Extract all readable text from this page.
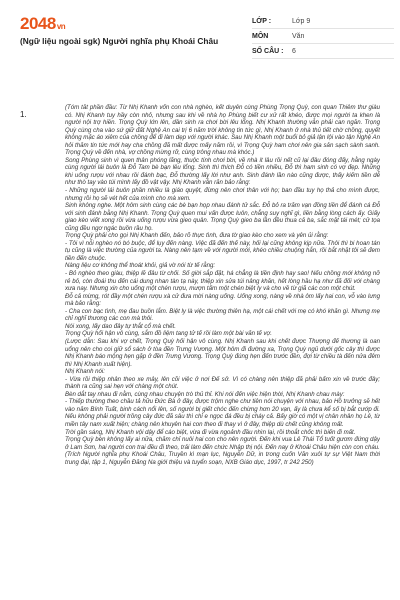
2048vn
(Ngữ liệu ngoài sgk) Người nghĩa phụ Khoái Châu
LỚP :	Lớp 9
MÔN	Văn
SỐ CÂU :	6
1.

(Tóm tắt phần đầu: Từ Nhị Khanh vốn con nhà nghèo, kết duyên cùng Phùng Trọng Quỳ, con quan Thiêm thư giàu có. Nhị Khanh tuy hầy còn nhỏ, nhưng sau khi về nhà họ Phùng biết cư xử rất khéo, được mọi người ta khen là người nội trợ hiền. Trọng Quỳ lớn lên, dần sinh ra chơi bời lêu lổng. Nhị Khanh thường vẫn phải can ngăn. Trọng Quỳ cùng cha vào sứ giữ đất Nghệ An cai trị 6 năm trời không tin tức gì, Nhị Khanh ở nhà thủ tiết chờ chồng, quyết không mặc áo xiêm của chồng để đi làm dẹp với người khác. Sau Nhị Khanh một buổi bỏ giả lận lội vào tận Nghệ An hỏi thăm tin tức mới hay cha chồng đã mất được mấy năm rồi, vì Trọng Quỳ ham chơi nên gia sản sạch sành sanh. Trọng Quỳ về đến nhà, vợ chồng mừng rỡ, cùng trông nhau mà khóc.)

Song Phùng sinh vì quen thân phóng lãng, thuộc tính chơi bời, về nhà ít lâu rồi nết cũ lại đâu đóng đấy, hằng ngày cùng người lái buôn là Đỗ Tam bè bạn lêu lổng. Sinh thì thích Đỗ có tiền nhiều, Đỗ thì ham sinh có vợ đẹp. Những khi uống rượu với nhau rồi đánh bạc, Đỗ thường lấy lời như anh. Sinh đánh lần nào cũng được, thấy kiếm tiền dễ như thò tay vào túi mình lấy đồ vật vậy. Nhị Khanh vẫn răn bảo rằng:

- Những người lái buôn phần nhiều là giáo quyệt, đừng nên chơi thân với họ; ban đầu tuy họ thả cho mình được, nhưng rồi họ sẽ vét hết của mình cho mà xem.

Sinh không nghe. Một hôm sinh cùng các bè bạn họp nhau đánh tử sắc. Đỗ bỏ ra trăm vạn đồng tiền để đánh cá Đỗ với sinh đánh bằng Nhị Khanh. Trọng Quỳ quen mui vấn được luôn, chẳng suy nghĩ gì, liền bằng lòng cách ấy. Giấy giao kèo viết xong rồi vừa uống rượu vừa gieo quân. Trọng Quỳ gieo ba lần đều thua cả ba, sắc mặt tái mét; cử tọa cũng đều ngơ ngác buồn rầu họ.

Trọng Quỳ phải cho gọi Nhị Khanh đến, bảo rõ thực tình, đưa tờ giao kèo cho xem và yên ủi rằng:

- Tôi vì nỗi nghèo nó bó buộc, để lụy đến nàng. Việc đã đến thế này, hối lại cũng không kịp nữa. Thôi thì bi hoan tán tụ cũng là việc thường của người ta. Nàng nên tạm về với người mới, khéo chiều chuộng hắn, rồi bắt nhặt tôi sẽ đem tiền đến chuộc.

Nàng liệu cơ không thể thoát khỏi, giả vờ nói từ tế rằng:

- Bỏ nghèo theo giàu, thiệp lẽ đâu từ chối. Số giời sắp đặt, há chẳng là tiền định hay sao! Nếu chồng mới không nỡ rẻ bỏ, còn đoái thu đến cái dung nhan tàn tạ này, thiệp xin sửa túi nâng khăn, hết lòng hầu hạ như đã đối với chàng xưa nay. Nhưng xin cho uống một chén rượu, mượn tấm một chén biệt ly và cho về từ giã các con một chút.

Đỗ cả mừng, rót đầy một chén rượu xà cử đưa mời nàng uống. Uống xong, nàng về nhà ôm lấy hai con, vỗ vào lưng mà bảo rằng:

- Cha con bạc tình, mẹ đau buồn lắm. Biệt ly là việc thường thiên hạ, một cái chết với mẹ có khó khăn gì. Nhưng mẹ chỉ nghĩ thương các con mà thôi.

Nói xong, lấy dao đây tự thắt cổ mà chết.

Trọng Quỳ hối hận vô cùng, sắm đồ liệm tang tử tế rồi làm một bài văn tế vợ.

(Lược dẫn: Sau khi vợ chết, Trọng Quỳ hối hận vô cùng. Nhị Khanh sau khi chết được Thượng đế thương là oan uổng nên cho coi giữ sổ sách ở tòa đền Trưng Vương. Một hôm đi đường xa, Trọng Quỳ ngủ dưới gốc cây thì được Nhị Khanh báo mộng hẹn gặp ở đền Trưng Vương. Trọng Quỳ đúng hẹn đến trước đền, đợi từ chiều tà đến nửa đêm thì Nhị Khanh xuất hiện).

Nhị Khanh nói:

- Vừa rồi thiệp nhân theo xe mây, lên cõi việc ở nơi Đế sở. Vì có chàng nên thiệp đã phải bấm xin về trước đây; thành ra cũng sai hẹn với chàng một chút.

Bèn dắt tay nhau đi nằm, cùng nhau chuyện trò thủ thỉ. Khi nói đến việc hiện thời, Nhị Khanh chau mày:

- Thiếp thường theo chầu tả hữu Đức Bà ở đây, được trộm nghe chư tiên nói chuyện với nhau, bảo Hồ trưởng sẽ hết vào năm Bính Tuất, binh cách nổi lên, số người bị giết chóc đến chừng hơn 20 vạn, ấy là chưa kể số bị bắt cướp đi. Nếu không phải người trồng cây đức đã sâu thì chỉ e ngọc đá đều bị cháy cả. Bấy giờ có một vị chân nhân họ Lê, từ miền tây nam xuất hiện; chàng nên khuyên hai con theo đi thay vì ở đây, thiệp dù chết cũng không mất.

Trời gần sáng, Nhị Khanh vội dậy để cáo biệt, vừa đi vừa ngoảnh đầu nhìn lại, rồi thoắt chốc thì biến đi mất.

Trọng Quỳ bèn không lấy ai nữa, chăm chỉ nuôi hai con cho nên người. Đến khi vua Lê Thái Tổ tuốt gươm đứng dậy ở Lam Sơn, hai người con trai đều đi theo, trải làm đến chức Nhập thị nội. Đến nay ở Khoái Châu hiện còn con cháu.

(Trích Người nghĩa phụ Khoái Châu, Truyền kì mạn lục, Nguyễn Dữ, in trong cuốn Văn xuôi tự sự Việt Nam thời trung đại, tập 1, Nguyễn Đăng Na giới thiệu và tuyển soạn, NXB Giáo dục, 1997, tr 242 250)
